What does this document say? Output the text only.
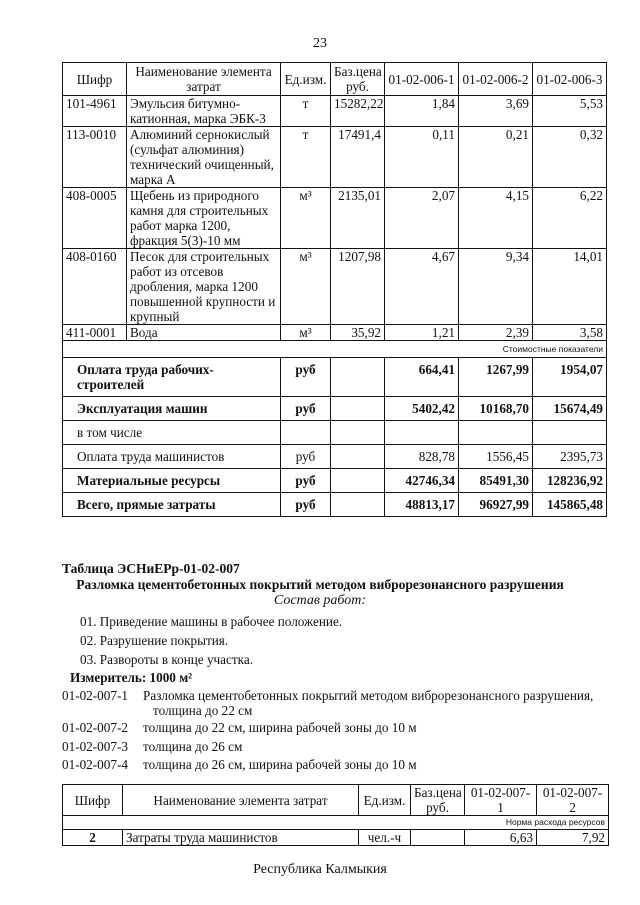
23
Шифр	Наименование элемента затрат	Ед.изм.	Баз.цена руб.	01-02-006-1	01-02-006-2	01-02-006-3
101-4961	Эмульсия битумно-катионная, марка ЭБК-3	т	15282,22	1,84	3,69	5,53
113-0010	Алюминий сернокислый (сульфат алюминия) технический очищенный, марка А	т	17491,4	0,11	0,21	0,32
408-0005	Щебень из природного камня для строительных работ марка 1200, фракция 5(3)-10 мм	м³	2135,01	2,07	4,15	6,22
408-0160	Песок для строительных работ из отсевов дробления, марка 1200 повышенной крупности и крупный	м³	1207,98	4,67	9,34	14,01
411-0001	Вода	м³	35,92	1,21	2,39	3,58
Стоимостные показатели						
Оплата труда рабочих-строителей		руб		664,41	1267,99	1954,07
Эксплуатация машин		руб		5402,42	10168,70	15674,49
в том числе						
Оплата труда машинистов		руб		828,78	1556,45	2395,73
Материальные ресурсы		руб		42746,34	85491,30	128236,92
Всего, прямые затраты		руб		48813,17	96927,99	145865,48
Таблица ЭСНиЕРр-01-02-007
Разломка цементобетонных покрытий методом виброрезонансного разрушения
Состав работ:
01. Приведение машины в рабочее положение.
02. Разрушение покрытия.
03. Развороты в конце участка.
Измеритель: 1000 м²
01-02-007-1 Разломка цементобетонных покрытий методом виброрезонансного разрушения,
толщина до 22 см
01-02-007-2 толщина до 22 см, ширина рабочей зоны до 10 м
01-02-007-3 толщина до 26 см
01-02-007-4 толщина до 26 см, ширина рабочей зоны до 10 м
Шифр	Наименование элемента затрат	Ед.изм.	Баз.цена руб.	01-02-007-1	01-02-007-2
Норма расхода ресурсов					
2	Затраты труда машинистов	чел.-ч		6,63	7,92
Республика Калмыкия
